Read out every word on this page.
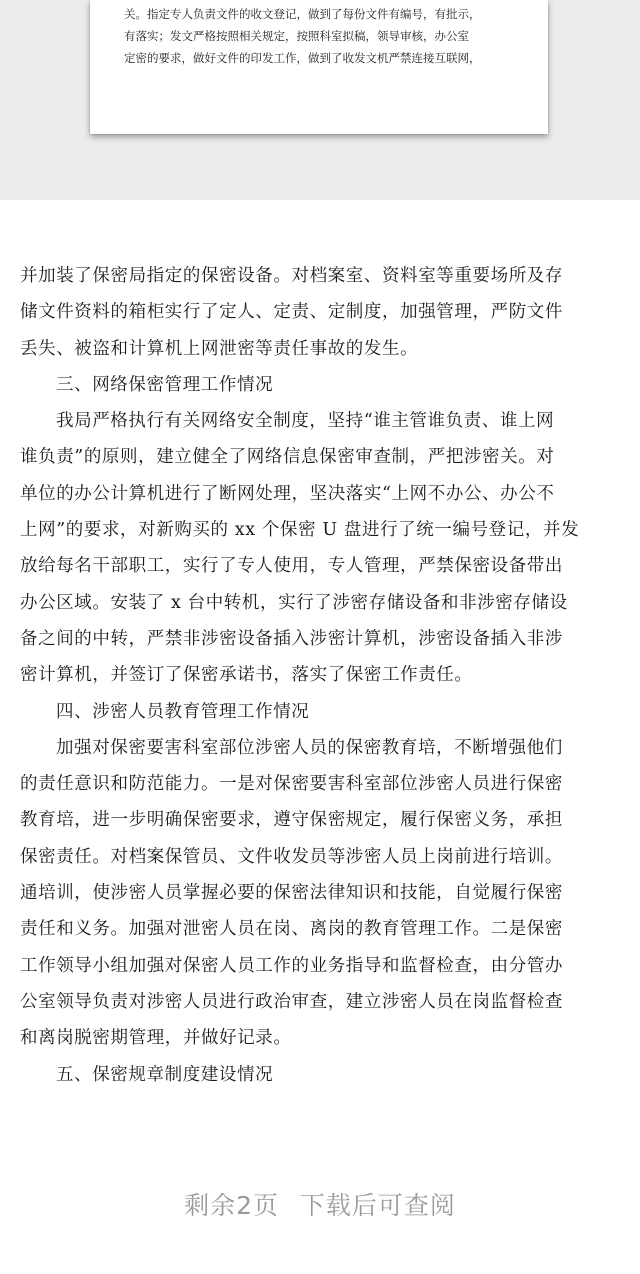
关。指定专人负责文件的收文登记，做到了每份文件有编号，有批示，
有落实；发文严格按照相关规定，按照科室拟稿，领导审核，办公室
定密的要求，做好文件的印发工作，做到了收发文机严禁连接互联网，
并加装了保密局指定的保密设备。对档案室、资料室等重要场所及存
储文件资料的箱柜实行了定人、定责、定制度，加强管理，严防文件
丢失、被盗和计算机上网泄密等责任事故的发生。
三、网络保密管理工作情况
我局严格执行有关网络安全制度，坚持“谁主管谁负责、谁上网
谁负责”的原则，建立健全了网络信息保密审查制，严把涉密关。对
单位的办公计算机进行了断网处理，坚决落实“上网不办公、办公不
上网”的要求，对新购买的 xx 个保密 U 盘进行了统一编号登记，并发
放给每名干部职工，实行了专人使用，专人管理，严禁保密设备带出
办公区域。安装了 x 台中转机，实行了涉密存储设备和非涉密存储设
备之间的中转，严禁非涉密设备插入涉密计算机，涉密设备插入非涉
密计算机，并签订了保密承诺书，落实了保密工作责任。
四、涉密人员教育管理工作情况
加强对保密要害科室部位涉密人员的保密教育培，不断增强他们
的责任意识和防范能力。一是对保密要害科室部位涉密人员进行保密
教育培，进一步明确保密要求，遵守保密规定，履行保密义务，承担
保密责任。对档案保管员、文件收发员等涉密人员上岗前进行培训。
通培训，使涉密人员掌握必要的保密法律知识和技能，自觉履行保密
责任和义务。加强对泄密人员在岗、离岗的教育管理工作。二是保密
工作领导小组加强对保密人员工作的业务指导和监督检查，由分管办
公室领导负责对涉密人员进行政治审查，建立涉密人员在岗监督检查
和离岗脱密期管理，并做好记录。
五、保密规章制度建设情况
剩余2页 下载后可查阅
